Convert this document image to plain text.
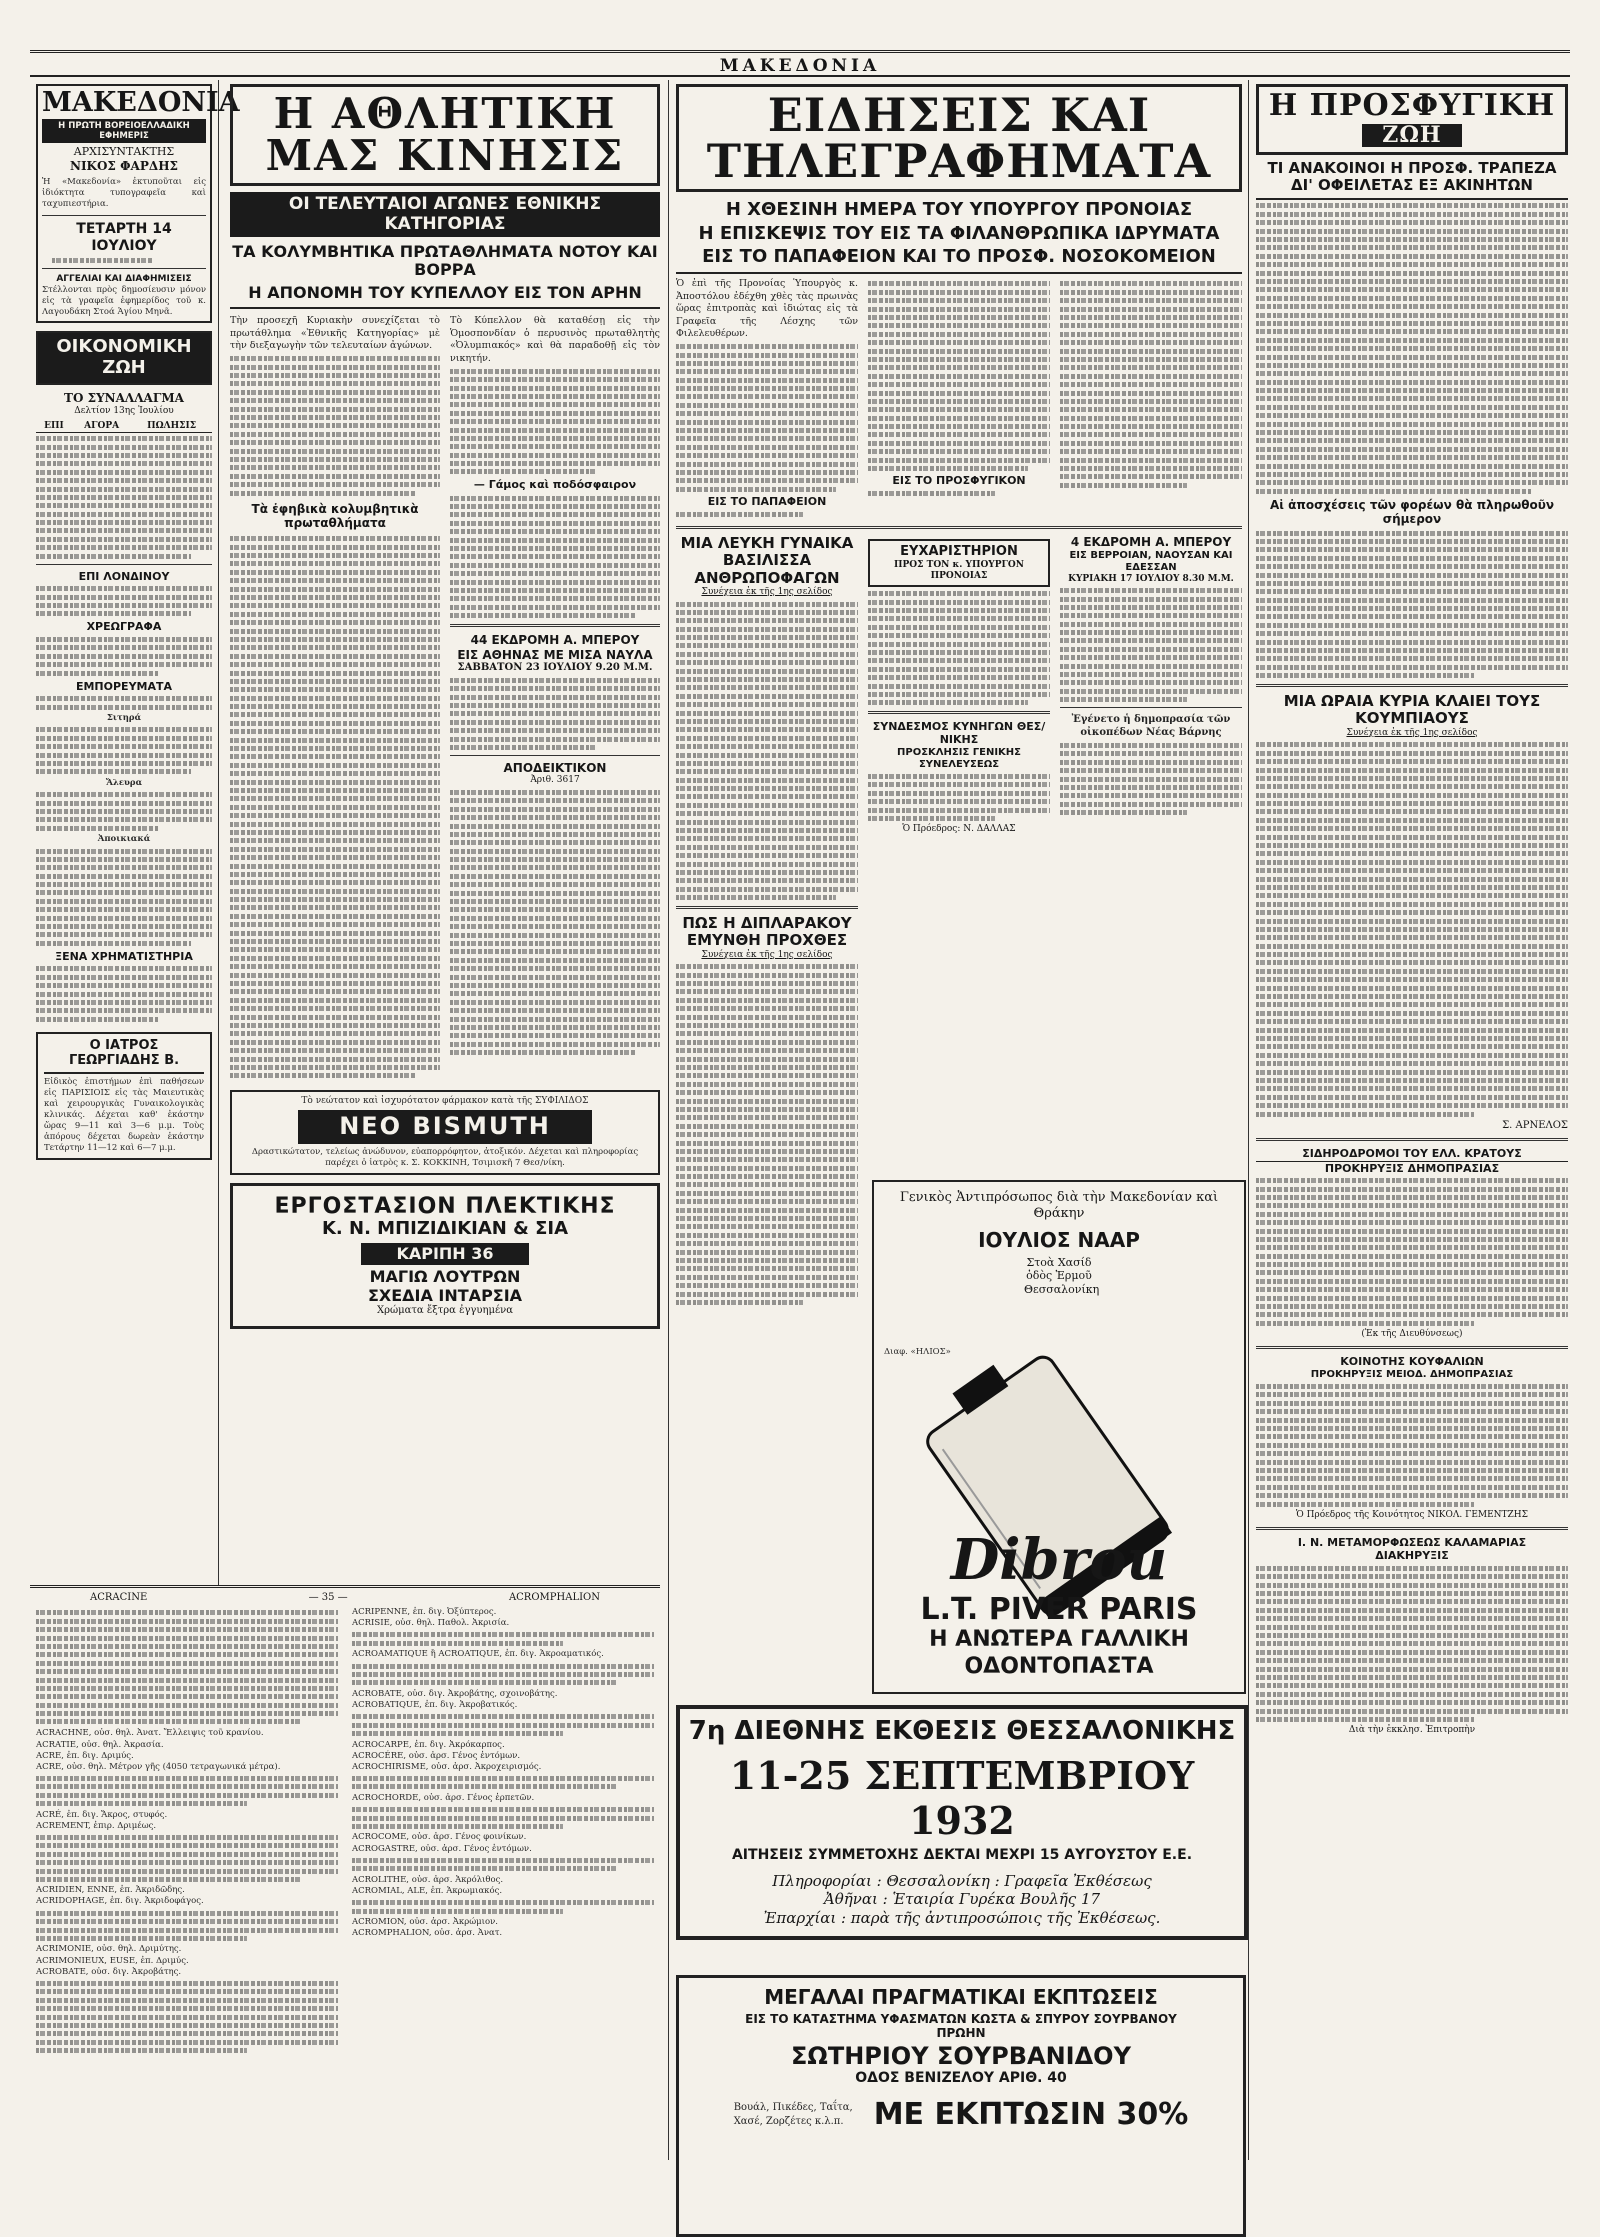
ΜΑΚΕΔΟΝΙΑ
ΜΑΚΕΔΟΝΙΑ
Η ΠΡΩΤΗ ΒΟΡΕΙΟΕΛΛΑΔΙΚΗ ΕΦΗΜΕΡΙΣ
ΑΡΧΙΣΥΝΤΑΚΤΗΣ
ΝΙΚΟΣ ΦΑΡΔΗΣ
Ἡ «Μακεδονία» ἐκτυποῦται εἰς ἰδιόκτητα τυπογραφεῖα καὶ ταχυπιεστήρια.
ΤΕΤΑΡΤΗ 14 ΙΟΥΛΙΟΥ
ΑΓΓΕΛΙΑΙ ΚΑΙ ΔΙΑΦΗΜΙΣΕΙΣ
Στέλλονται πρὸς δημοσίευσιν μόνον εἰς τὰ γραφεῖα ἐφημερίδος τοῦ κ. Λαγουδάκη Στοά Ἁγίου Μηνᾶ.
ΟΙΚΟΝΟΜΙΚΗ ΖΩΗ
ΤΟ ΣΥΝΑΛΛΑΓΜΑ
Δελτίον 13ης Ἰουλίου
ΕΠΙ	ΑΓΟΡΑ	ΠΩΛΗΣΙΣ
ΕΠΙ ΛΟΝΔΙΝΟΥ
ΧΡΕΩΓΡΑΦΑ
ΕΜΠΟΡΕΥΜΑΤΑ
Σιτηρά
Ἄλευρα
Ἀποικιακά
ΞΕΝΑ ΧΡΗΜΑΤΙΣΤΗΡΙΑ
Ο ΙΑΤΡΟΣ ΓΕΩΡΓΙΑΔΗΣ Β.
Εἰδικὸς ἐπιστήμων ἐπὶ παθήσεων εἰς ΠΑΡΙΣΙΟΙΣ εἰς τὰς Μαιευτικὰς καὶ χειρουργικὰς Γυναικολογικὰς κλινικάς. Δέχεται καθ' ἑκάστην ὥρας 9—11 καὶ 3—6 μ.μ. Τοὺς ἀπόρους δέχεται δωρεὰν ἑκάστην Τετάρτην 11—12 καὶ 6—7 μ.μ.
Η ΑΘΛΗΤΙΚΗ ΜΑΣ ΚΙΝΗΣΙΣ
ΟΙ ΤΕΛΕΥΤΑΙΟΙ ΑΓΩΝΕΣ ΕΘΝΙΚΗΣ ΚΑΤΗΓΟΡΙΑΣ
ΤΑ ΚΟΛΥΜΒΗΤΙΚΑ ΠΡΩΤΑΘΛΗΜΑΤΑ ΝΟΤΟΥ ΚΑΙ ΒΟΡΡΑ
Η ΑΠΟΝΟΜΗ ΤΟΥ ΚΥΠΕΛΛΟΥ ΕΙΣ ΤΟΝ ΑΡΗΝ
Τὴν προσεχῆ Κυριακὴν συνεχίζεται τὸ πρωτάθλημα «Ἐθνικῆς Κατηγορίας» μὲ τὴν διεξαγωγὴν τῶν τελευταίων ἀγώνων.
Τὰ ἐφηβικὰ κολυμβητικὰ πρωταθλήματα
Τὸ Κύπελλον θὰ καταθέσῃ εἰς τὴν Ὁμοσπονδίαν ὁ περυσινὸς πρωταθλητὴς «Ὀλυμπιακός» καὶ θὰ παραδοθῇ εἰς τὸν νικητήν.
— Γάμος καὶ ποδόσφαιρον
44 ΕΚΔΡΟΜΗ Α. ΜΠΕΡΟΥ
ΕΙΣ ΑΘΗΝΑΣ ΜΕ ΜΙΣΑ ΝΑΥΛΑ
ΣΑΒΒΑΤΟΝ 23 ΙΟΥΛΙΟΥ 9.20 Μ.Μ.
ΑΠΟΔΕΙΚΤΙΚΟΝ
Ἀριθ. 3617
Τὸ νεώτατον καὶ ἰσχυρότατον φάρμακον κατὰ τῆς ΣΥΦΙΛΙΔΟΣ
ΝΕΟ BISMUTH
Δραστικώτατον, τελείως ἀνώδυνον, εὐαπορρόφητον, ἀτοξικόν. Δέχεται καὶ πληροφορίας παρέχει ὁ ἰατρὸς κ. Σ. ΚΟΚΚΙΝΗ, Τσιμισκῆ 7 Θεσ/νίκη.
ΕΡΓΟΣΤΑΣΙΟΝ ΠΛΕΚΤΙΚΗΣ
Κ. Ν. ΜΠΙΖΙΔΙΚΙΑΝ & ΣΙΑ
ΚΑΡΙΠΗ 36
ΜΑΓΙΩ ΛΟΥΤΡΩΝ
ΣΧΕΔΙΑ ΙΝΤΑΡΣΙΑ
Χρώματα ἔξτρα ἐγγυημένα
ΕΙΔΗΣΕΙΣ ΚΑΙ ΤΗΛΕΓΡΑΦΗΜΑΤΑ
Η ΧΘΕΣΙΝΗ ΗΜΕΡΑ ΤΟΥ ΥΠΟΥΡΓΟΥ ΠΡΟΝΟΙΑΣ
Η ΕΠΙΣΚΕΨΙΣ ΤΟΥ ΕΙΣ ΤΑ ΦΙΛΑΝΘΡΩΠΙΚΑ ΙΔΡΥΜΑΤΑ
ΕΙΣ ΤΟ ΠΑΠΑΦΕΙΟΝ ΚΑΙ ΤΟ ΠΡΟΣΦ. ΝΟΣΟΚΟΜΕΙΟΝ
Ὁ ἐπὶ τῆς Προνοίας Ὑπουργὸς κ. Ἀποστόλου ἐδέχθη χθὲς τὰς πρωινὰς ὥρας ἐπιτροπὰς καὶ ἰδιώτας εἰς τὰ Γραφεῖα τῆς Λέσχης τῶν Φιλελευθέρων.
ΕΙΣ ΤΟ ΠΑΠΑΦΕΙΟΝ
ΕΙΣ ΤΟ ΠΡΟΣΦΥΓΙΚΟΝ
ΜΙΑ ΛΕΥΚΗ ΓΥΝΑΙΚΑ ΒΑΣΙΛΙΣΣΑ ΑΝΘΡΩΠΟΦΑΓΩΝ
Συνέχεια ἐκ τῆς 1ης σελίδος
ΠΩΣ Η ΔΙΠΛΑΡΑΚΟΥ ΕΜΥΝΘΗ ΠΡΟΧΘΕΣ
Συνέχεια ἐκ τῆς 1ης σελίδος
ΕΥΧΑΡΙΣΤΗΡΙΟΝ
ΠΡΟΣ ΤΟΝ κ. ΥΠΟΥΡΓΟΝ ΠΡΟΝΟΙΑΣ
ΣΥΝΔΕΣΜΟΣ ΚΥΝΗΓΩΝ ΘΕΣ/ΝΙΚΗΣ
ΠΡΟΣΚΛΗΣΙΣ ΓΕΝΙΚΗΣ ΣΥΝΕΛΕΥΣΕΩΣ
Ὁ Πρόεδρος: Ν. ΔΑΛΛΑΣ
4 ΕΚΔΡΟΜΗ Α. ΜΠΕΡΟΥ
ΕΙΣ ΒΕΡΡΟΙΑΝ, ΝΑΟΥΣΑΝ ΚΑΙ ΕΔΕΣΣΑΝ
ΚΥΡΙΑΚΗ 17 ΙΟΥΛΙΟΥ 8.30 Μ.Μ.
Ἐγένετο ἡ δημοπρασία τῶν οἰκοπέδων Νέας Βάρνης
Γενικὸς Ἀντιπρόσωπος διὰ τὴν Μακεδονίαν καὶ Θράκην
ΙΟΥΛΙΟΣ ΝΑΑΡ
Στοὰ Χασίδ ὁδὸς Ἑρμοῦ Θεσσαλονίκη
Διαφ. «ΗΛΙΟΣ»
Dibrou
L.T. PIVER PARIS
Η ΑΝΩΤΕΡΑ ΓΑΛΛΙΚΗ
ΟΔΟΝΤΟΠΑΣΤΑ
7η ΔΙΕΘΝΗΣ ΕΚΘΕΣΙΣ ΘΕΣΣΑΛΟΝΙΚΗΣ
11-25 ΣΕΠΤΕΜΒΡΙΟΥ 1932
ΑΙΤΗΣΕΙΣ ΣΥΜΜΕΤΟΧΗΣ ΔΕΚΤΑΙ ΜΕΧΡΙ 15 ΑΥΓΟΥΣΤΟΥ Ε.Ε.
Πληροφορίαι : Θεσσαλονίκη : Γραφεῖα Ἐκθέσεως
Ἀθῆναι : Ἑταιρία Γυρέκα Βουλῆς 17
Ἐπαρχίαι : παρὰ τῆς ἀντιπροσώποις τῆς Ἐκθέσεως.
ΜΕΓΑΛΑΙ ΠΡΑΓΜΑΤΙΚΑΙ ΕΚΠΤΩΣΕΙΣ
ΕΙΣ ΤΟ ΚΑΤΑΣΤΗΜΑ ΥΦΑΣΜΑΤΩΝ ΚΩΣΤΑ & ΣΠΥΡΟΥ ΣΟΥΡΒΑΝΟΥ
ΠΡΩΗΝ
ΣΩΤΗΡΙΟΥ ΣΟΥΡΒΑΝΙΔΟΥ
ΟΔΟΣ ΒΕΝΙΖΕΛΟΥ ΑΡΙΘ. 40
Βουάλ, Πικέδες, Ταΐτα, Χασέ, Ζορζέτες κ.λ.π.	ΜΕ ΕΚΠΤΩΣΙΝ 30%
Η ΠΡΟΣΦΥΓΙΚΗ
ΖΩΗ
ΤΙ ΑΝΑΚΟΙΝΟΙ Η ΠΡΟΣΦ. ΤΡΑΠΕΖΑ ΔΙ' ΟΦΕΙΛΕΤΑΣ ΕΞ ΑΚΙΝΗΤΩΝ
Αἱ ἀποσχέσεις τῶν φορέων θὰ πληρωθοῦν σήμερον
ΜΙΑ ΩΡΑΙΑ ΚΥΡΙΑ ΚΛΑΙΕΙ ΤΟΥΣ ΚΟΥΜΠΙΑΟΥΣ
Συνέχεια ἐκ τῆς 1ης σελίδος
Σ. ΑΡΝΕΛΟΣ
ΣΙΔΗΡΟΔΡΟΜΟΙ ΤΟΥ ΕΛΛ. ΚΡΑΤΟΥΣ
ΠΡΟΚΗΡΥΞΙΣ ΔΗΜΟΠΡΑΣΙΑΣ
(Ἐκ τῆς Διευθύνσεως)
ΚΟΙΝΟΤΗΣ ΚΟΥΦΑΛΙΩΝ
ΠΡΟΚΗΡΥΞΙΣ ΜΕΙΟΔ. ΔΗΜΟΠΡΑΣΙΑΣ
Ὁ Πρόεδρος τῆς Κοινότητος ΝΙΚΟΛ. ΓΕΜΕΝΤΖΗΣ
Ι. Ν. ΜΕΤΑΜΟΡΦΩΣΕΩΣ ΚΑΛΑΜΑΡΙΑΣ
ΔΙΑΚΗΡΥΞΙΣ
Διὰ τὴν ἐκκλησ. Ἐπιτροπὴν
ACRACINE	— 35 —	ACROMPHALION
ACRACHNE, οὐσ. θηλ. Ἀνατ. Ἔλλειψις τοῦ κρανίου.
ACRATIE, οὐσ. θηλ. Ἀκρασία.
ACRE, ἐπ. διγ. Δριμύς.
ACRE, οὐσ. θηλ. Μέτρον γῆς (4050 τετραγωνικά μέτρα).
ACRÉ, ἐπ. διγ. Ἄκρος, στυφός.
ACREMENT, ἐπιρ. Δριμέως.
ACRIDIEN, ENNE, ἐπ. Ἀκριδῶδης.
ACRIDOPHAGE, ἐπ. διγ. Ἀκριδοφάγος.
ACRIMONIE, οὐσ. θηλ. Δριμύτης.
ACRIMONIEUX, EUSE, ἐπ. Δριμύς.
ACROBATE, οὐσ. διγ. Ἀκροβάτης.
ACRIPENNE, ἐπ. διγ. Ὀξύπτερος.
ACRISIE, οὐσ. θηλ. Παθολ. Ἀκρισία.
ACROAMATIQUE ἢ ACROATIQUE, ἐπ. διγ. Ἀκροαματικός.
ACROBATE, οὐσ. διγ. Ἀκροβάτης, σχοινοβάτης.
ACROBATIQUE, ἐπ. διγ. Ἀκροβατικός.
ACROCARPE, ἐπ. διγ. Ἀκρόκαρπος.
ACROCÉRE, οὐσ. ἀρσ. Γένος ἐντόμων.
ACROCHIRISME, οὐσ. ἀρσ. Ἀκροχειρισμός.
ACROCHORDE, οὐσ. ἀρσ. Γένος ἑρπετῶν.
ACROCOME, οὐσ. ἀρσ. Γένος φοινίκων.
ACROGASTRE, οὐσ. ἀρσ. Γένος ἐντόμων.
ACROLITHE, οὐσ. ἀρσ. Ἀκρόλιθος.
ACROMIAL, ALE, ἐπ. Ἀκρωμιακός.
ACROMION, οὐσ. ἀρσ. Ἀκρώμιον.
ACROMPHALION, οὐσ. ἀρσ. Ἀνατ.
